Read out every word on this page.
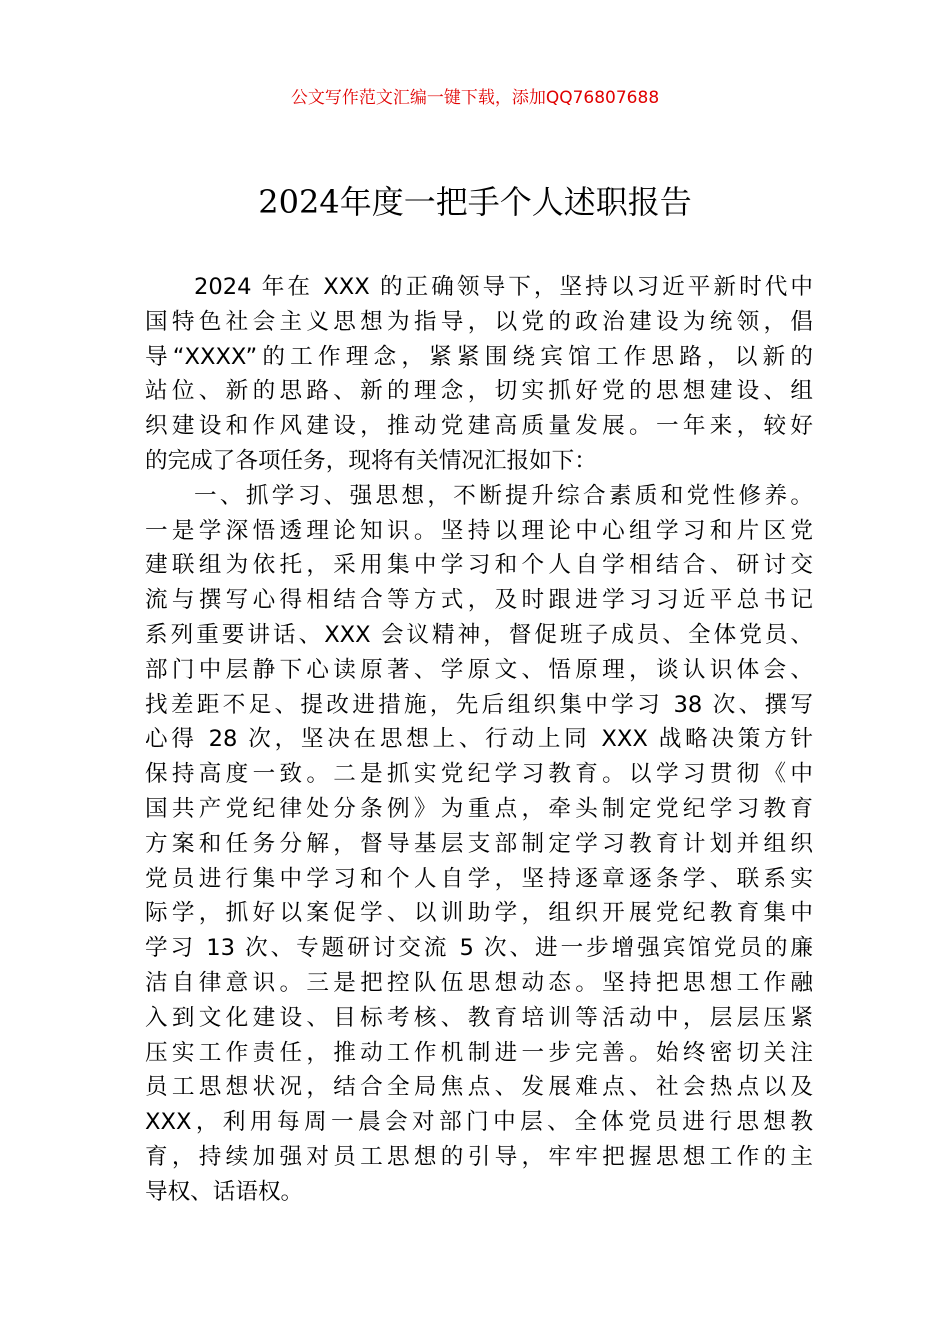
公文写作范文汇编一键下载，添加QQ76807688
2024年度一把手个人述职报告
2024 年在 XXX 的正确领导下，坚持以习近平新时代中
国特色社会主义思想为指导，以党的政治建设为统领，倡
导“XXXX”的工作理念，紧紧围绕宾馆工作思路，以新的
站位、新的思路、新的理念，切实抓好党的思想建设、组
织建设和作风建设，推动党建高质量发展。一年来，较好
的完成了各项任务，现将有关情况汇报如下：
一、抓学习、强思想，不断提升综合素质和党性修养。
一是学深悟透理论知识。坚持以理论中心组学习和片区党
建联组为依托，采用集中学习和个人自学相结合、研讨交
流与撰写心得相结合等方式，及时跟进学习习近平总书记
系列重要讲话、XXX 会议精神，督促班子成员、全体党员、
部门中层静下心读原著、学原文、悟原理，谈认识体会、
找差距不足、提改进措施，先后组织集中学习 38 次、撰写
心得 28 次，坚决在思想上、行动上同 XXX 战略决策方针
保持高度一致。二是抓实党纪学习教育。以学习贯彻《中
国共产党纪律处分条例》为重点，牵头制定党纪学习教育
方案和任务分解，督导基层支部制定学习教育计划并组织
党员进行集中学习和个人自学，坚持逐章逐条学、联系实
际学，抓好以案促学、以训助学，组织开展党纪教育集中
学习 13 次、专题研讨交流 5 次、进一步增强宾馆党员的廉
洁自律意识。三是把控队伍思想动态。坚持把思想工作融
入到文化建设、目标考核、教育培训等活动中，层层压紧
压实工作责任，推动工作机制进一步完善。始终密切关注
员工思想状况，结合全局焦点、发展难点、社会热点以及
XXX，利用每周一晨会对部门中层、全体党员进行思想教
育，持续加强对员工思想的引导，牢牢把握思想工作的主
导权、话语权。
